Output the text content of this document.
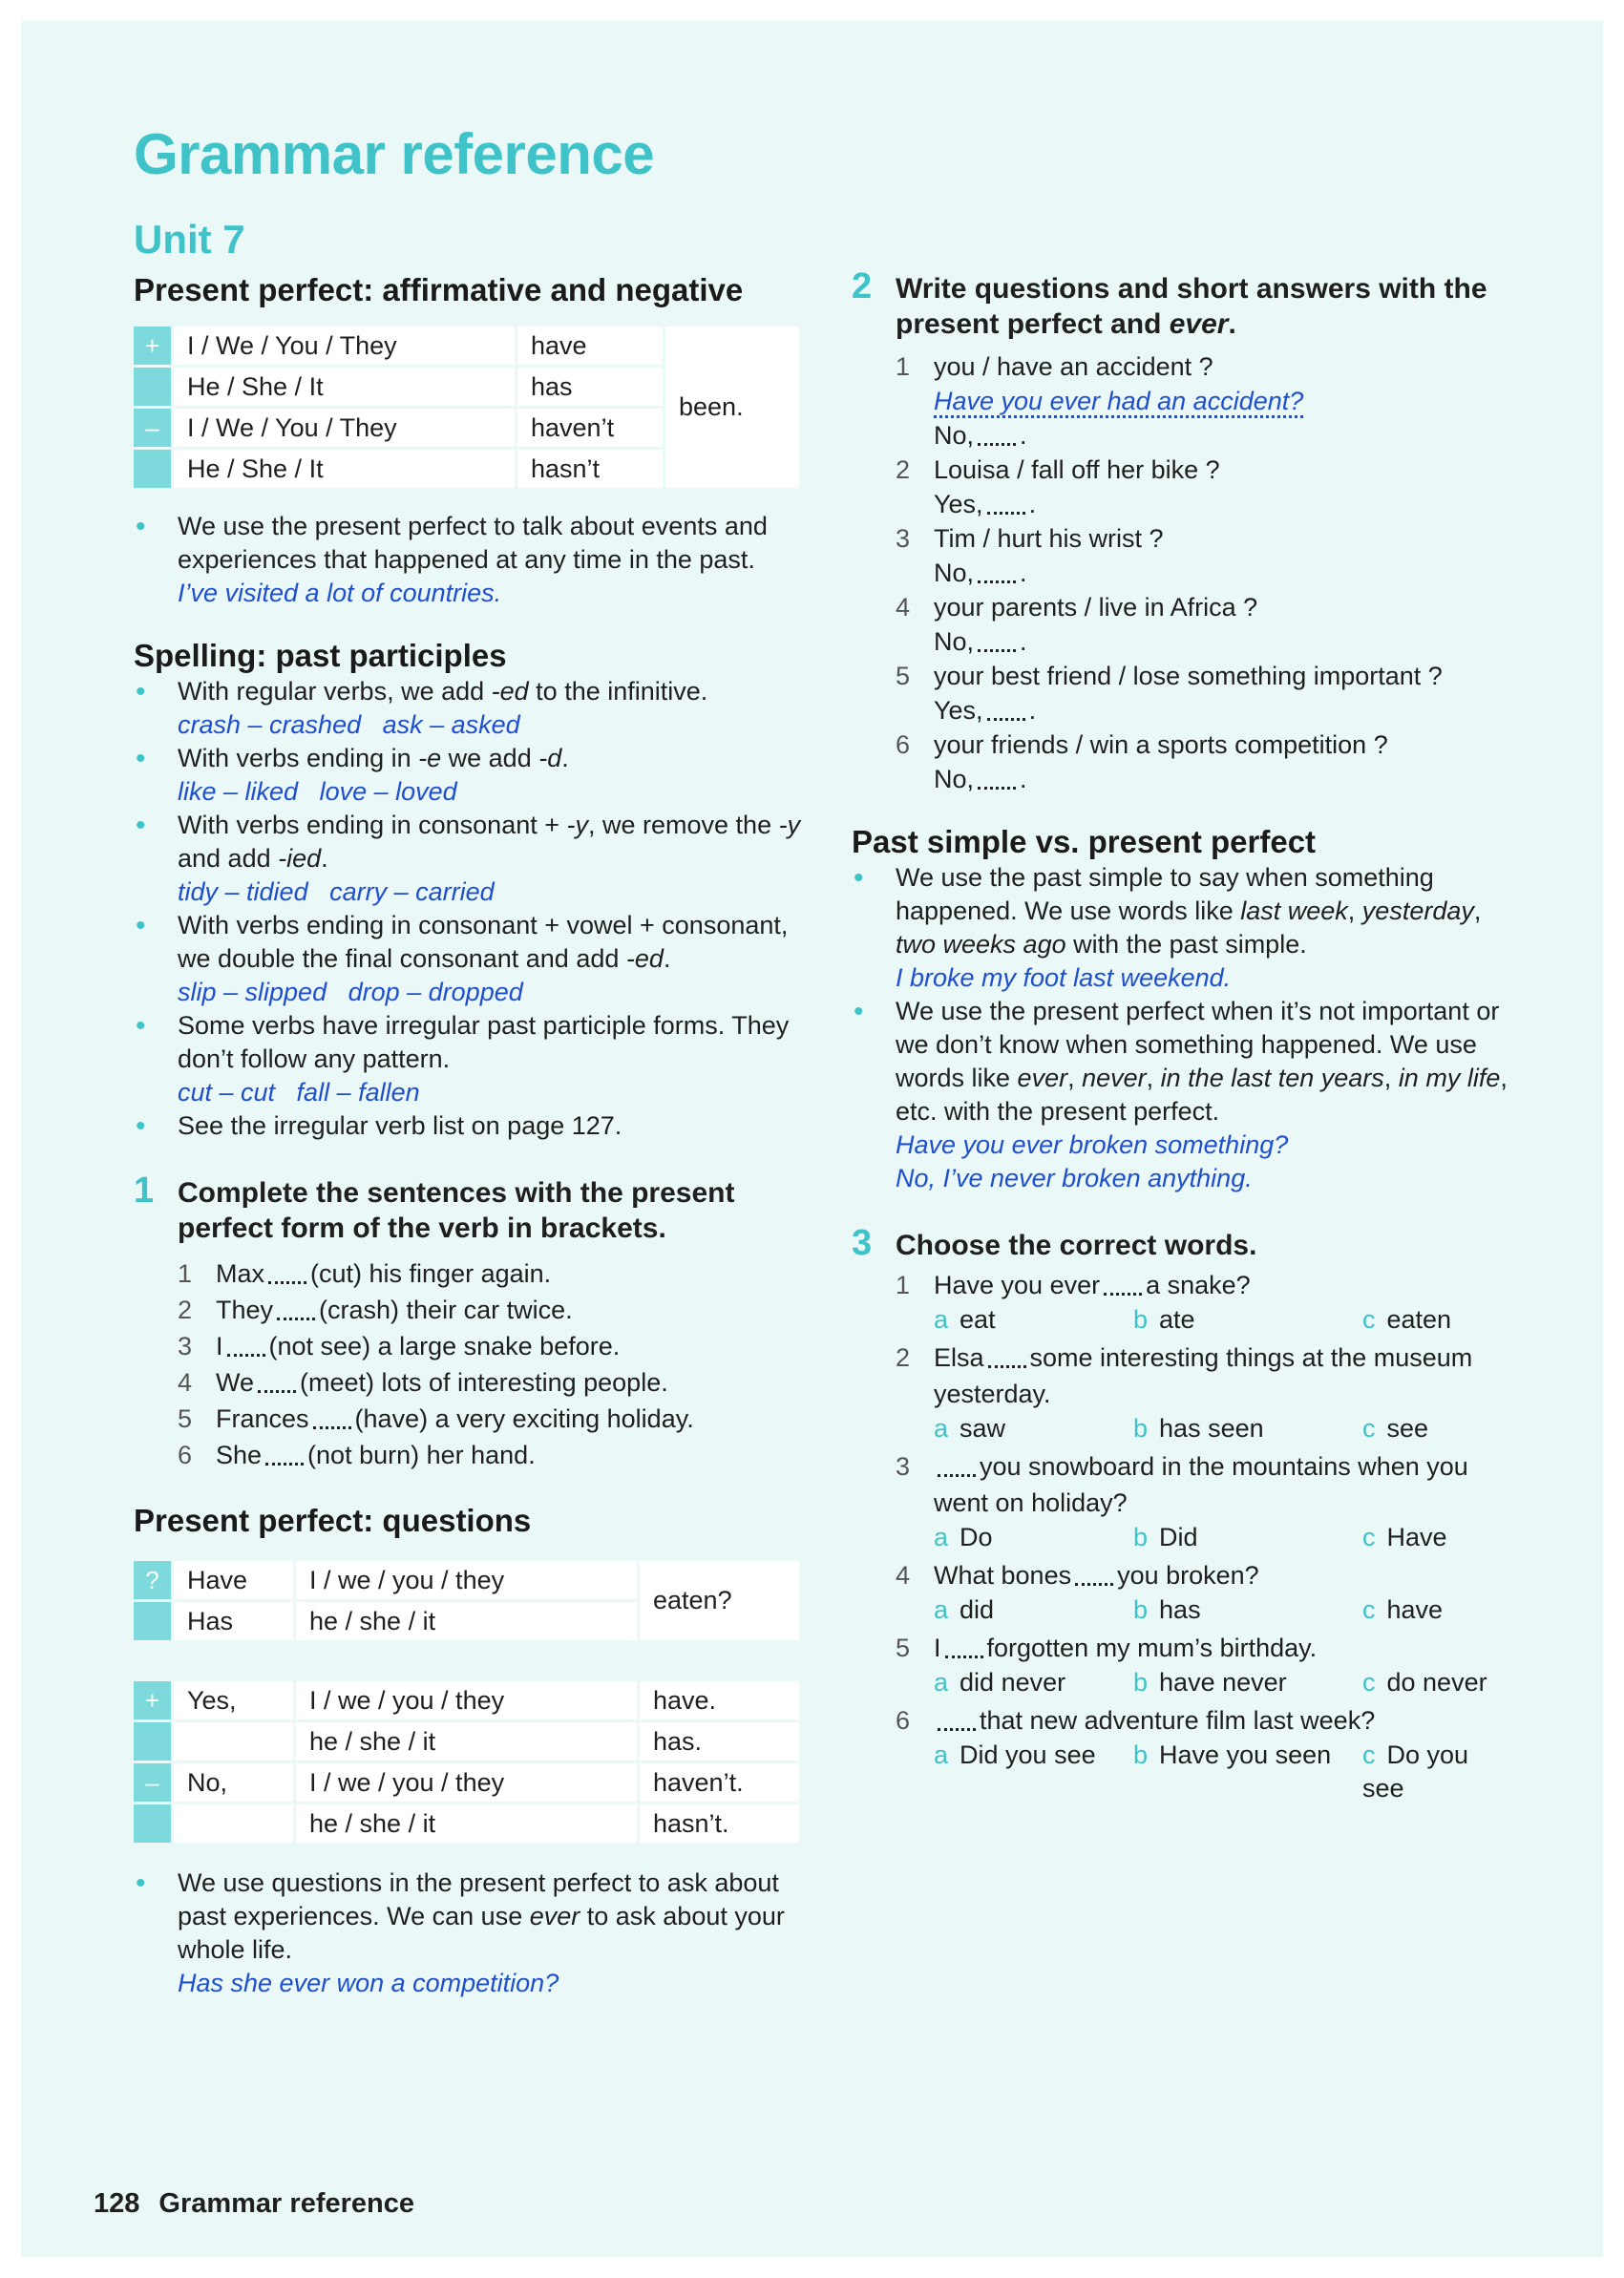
Grammar reference
Unit 7
Present perfect: affirmative and negative
+	I / We / You / They	have	been.
	He / She / It	has	
–	I / We / You / They	haven’t	
	He / She / It	hasn’t	
• We use the present perfect to talk about events and experiences that happened at any time in the past.
I’ve visited a lot of countries.
Spelling: past participles
• With regular verbs, we add -ed to the infinitive.
crash – crashed   ask – asked
• With verbs ending in -e we add -d.
like – liked   love – loved
• With verbs ending in consonant + -y, we remove the -y and add -ied.
tidy – tidied   carry – carried
• With verbs ending in consonant + vowel + consonant, we double the final consonant and add -ed.
slip – slipped   drop – dropped
• Some verbs have irregular past participle forms. They don’t follow any pattern.
cut – cut   fall – fallen
• See the irregular verb list on page 127.
1 Complete the sentences with the present perfect form of the verb in brackets.
1 Max (cut) his finger again.
2 They (crash) their car twice.
3 I (not see) a large snake before.
4 We (meet) lots of interesting people.
5 Frances (have) a very exciting holiday.
6 She (not burn) her hand.
Present perfect: questions
?	Have	I / we / you / they	eaten?
	Has	he / she / it	
+	Yes,	I / we / you / they	have.
		he / she / it	has.
–	No,	I / we / you / they	haven’t.
		he / she / it	hasn’t.
• We use questions in the present perfect to ask about past experiences. We can use ever to ask about your whole life.
Has she ever won a competition?
2 Write questions and short answers with the present perfect and ever.
1 you / have an accident ?
Have you ever had an accident?
No, .
2 Louisa / fall off her bike ?
Yes, .
3 Tim / hurt his wrist ?
No, .
4 your parents / live in Africa ?
No, .
5 your best friend / lose something important ?
Yes, .
6 your friends / win a sports competition ?
No, .
Past simple vs. present perfect
• We use the past simple to say when something happened. We use words like last week, yesterday, two weeks ago with the past simple.
I broke my foot last weekend.
• We use the present perfect when it’s not important or we don’t know when something happened. We use words like ever, never, in the last ten years, in my life, etc. with the present perfect.
Have you ever broken something?
No, I’ve never broken anything.
3 Choose the correct words.
1 Have you ever a snake?
a eat	b ate	c eaten
2 Elsa some interesting things at the museum yesterday.
a saw	b has seen	c see
3	you snowboard in the mountains when you went on holiday?
a Do	b Did	c Have
4 What bones you broken?
a did	b has	c have
5 I forgotten my mum’s birthday.
a did never	b have never	c do never
6	that new adventure film last week?
a Did you see b Have you seen c Do you see
128 Grammar reference
